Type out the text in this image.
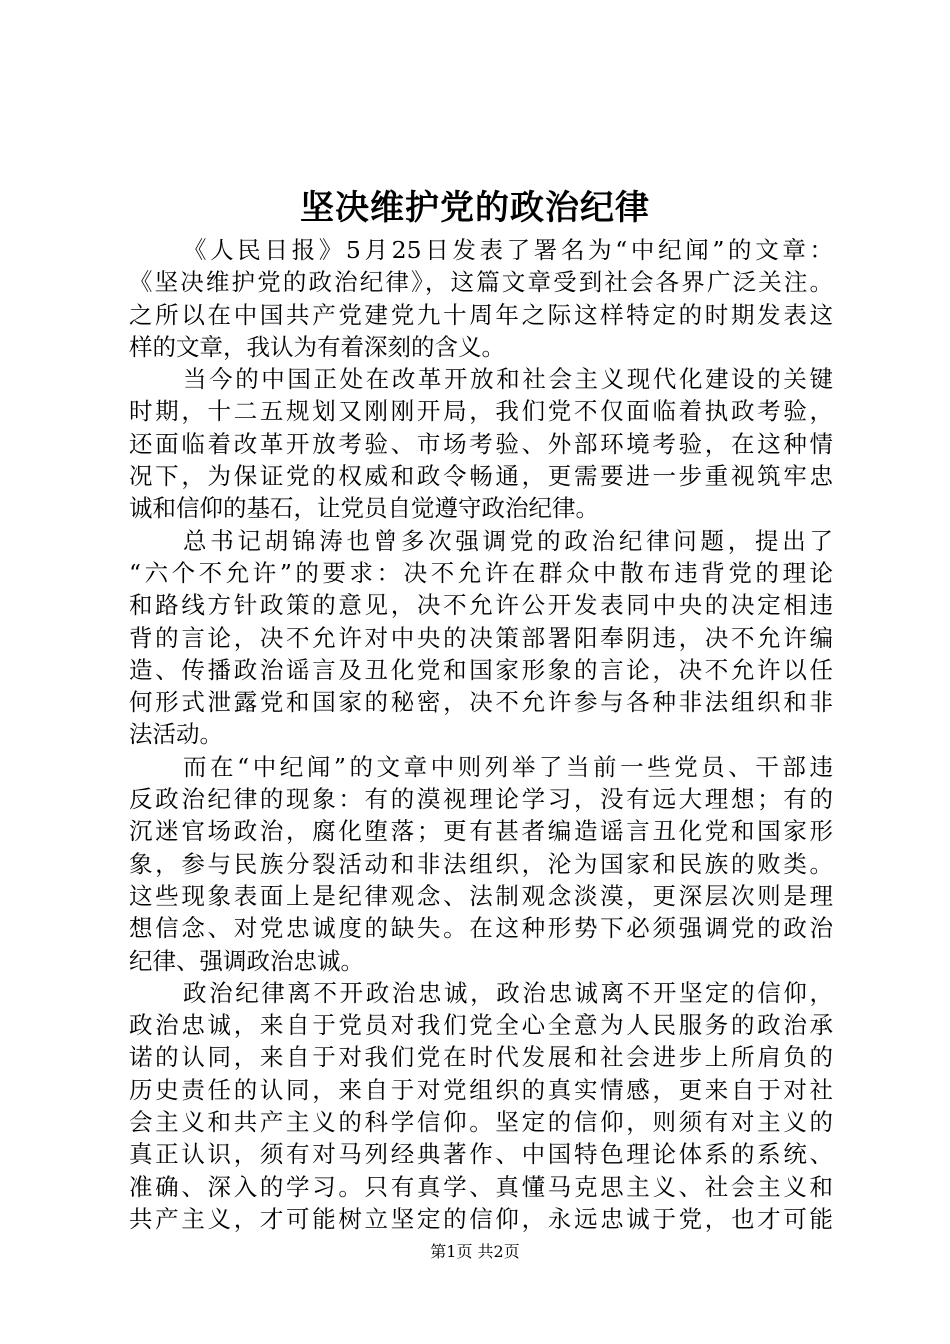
坚决维护党的政治纪律

《人民日报》5月25日发表了署名为“中纪闻”的文章：
《坚决维护党的政治纪律》，这篇文章受到社会各界广泛关注。
之所以在中国共产党建党九十周年之际这样特定的时期发表这
样的文章，我认为有着深刻的含义。

当今的中国正处在改革开放和社会主义现代化建设的关键
时期，十二五规划又刚刚开局，我们党不仅面临着执政考验，
还面临着改革开放考验、市场考验、外部环境考验，在这种情
况下，为保证党的权威和政令畅通，更需要进一步重视筑牢忠
诚和信仰的基石，让党员自觉遵守政治纪律。

总书记胡锦涛也曾多次强调党的政治纪律问题，提出了
“六个不允许”的要求：决不允许在群众中散布违背党的理论
和路线方针政策的意见，决不允许公开发表同中央的决定相违
背的言论，决不允许对中央的决策部署阳奉阴违，决不允许编
造、传播政治谣言及丑化党和国家形象的言论，决不允许以任
何形式泄露党和国家的秘密，决不允许参与各种非法组织和非
法活动。

而在“中纪闻”的文章中则列举了当前一些党员、干部违
反政治纪律的现象：有的漠视理论学习，没有远大理想；有的
沉迷官场政治，腐化堕落；更有甚者编造谣言丑化党和国家形
象，参与民族分裂活动和非法组织，沦为国家和民族的败类。
这些现象表面上是纪律观念、法制观念淡漠，更深层次则是理
想信念、对党忠诚度的缺失。在这种形势下必须强调党的政治
纪律、强调政治忠诚。

政治纪律离不开政治忠诚，政治忠诚离不开坚定的信仰，
政治忠诚，来自于党员对我们党全心全意为人民服务的政治承
诺的认同，来自于对我们党在时代发展和社会进步上所肩负的
历史责任的认同，来自于对党组织的真实情感，更来自于对社
会主义和共产主义的科学信仰。坚定的信仰，则须有对主义的
真正认识，须有对马列经典著作、中国特色理论体系的系统、
准确、深入的学习。只有真学、真懂马克思主义、社会主义和
共产主义，才可能树立坚定的信仰，永远忠诚于党，也才可能

第1页 共2页
